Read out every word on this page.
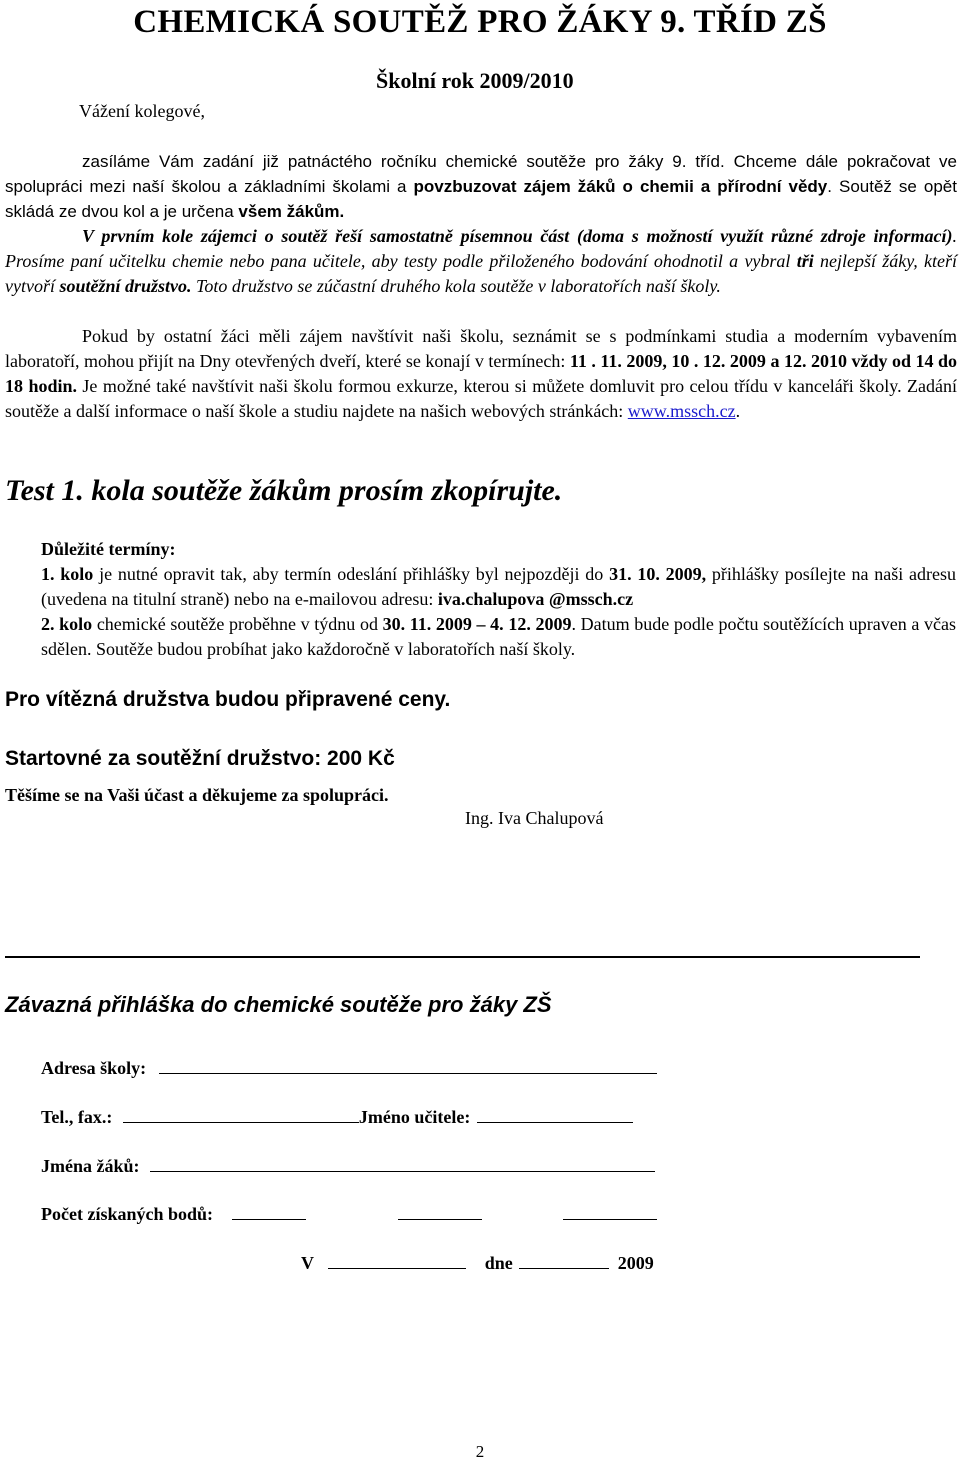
CHEMICKÁ SOUTĚŽ PRO ŽÁKY 9. TŘÍD ZŠ
Školní rok 2009/2010
Vážení kolegové,

zasíláme Vám zadání již patnáctého ročníku chemické soutěže pro žáky 9. tříd. Chceme dále pokračovat ve spolupráci mezi naší školou a základními školami a povzbuzovat zájem žáků o chemii a přírodní vědy. Soutěž se opět skládá ze dvou kol a je určena všem žákům.

V prvním kole zájemci o soutěž řeší samostatně písemnou část (doma s možností využít různé zdroje informací). Prosíme paní učitelku chemie nebo pana učitele, aby testy podle přiloženého bodování ohodnotil a vybral tři nejlepší žáky, kteří vytvoří soutěžní družstvo. Toto družstvo se zúčastní druhého kola soutěže v laboratořích naší školy.

Pokud by ostatní žáci měli zájem navštívit naši školu, seznámit se s podmínkami studia a moderním vybavením laboratoří, mohou přijít na Dny otevřených dveří, které se konají v termínech: 11 . 11. 2009, 10 . 12. 2009 a 12. 2010 vždy od 14 do 18 hodin. Je možné také navštívit naši školu formou exkurze, kterou si můžete domluvit pro celou třídu v kanceláři školy. Zadání soutěže a další informace o naší škole a studiu najdete na našich webových stránkách: www.mssch.cz.

Test 1. kola soutěže žákům prosím zkopírujte.
Důležité termíny:

1. kolo je nutné opravit tak, aby termín odeslání přihlášky byl nejpozději do 31. 10. 2009, přihlášky posílejte na naši adresu (uvedena na titulní straně) nebo na e-mailovou adresu: iva.chalupova @mssch.cz

2. kolo chemické soutěže proběhne v týdnu od 30. 11. 2009 – 4. 12. 2009. Datum bude podle počtu soutěžících upraven a včas sdělen. Soutěže budou probíhat jako každoročně v laboratořích naší školy.

Pro vítězná družstva budou připravené ceny.
Startovné za soutěžní družstvo: 200 Kč
Těšíme se na Vaši účast a děkujeme za spolupráci.
Ing. Iva Chalupová
Závazná přihláška do chemické soutěže pro žáky ZŠ
Adresa školy:
Tel., fax.:	Jméno učitele:
Jména žáků:
Počet získaných bodů:
V	dne	2009
2
